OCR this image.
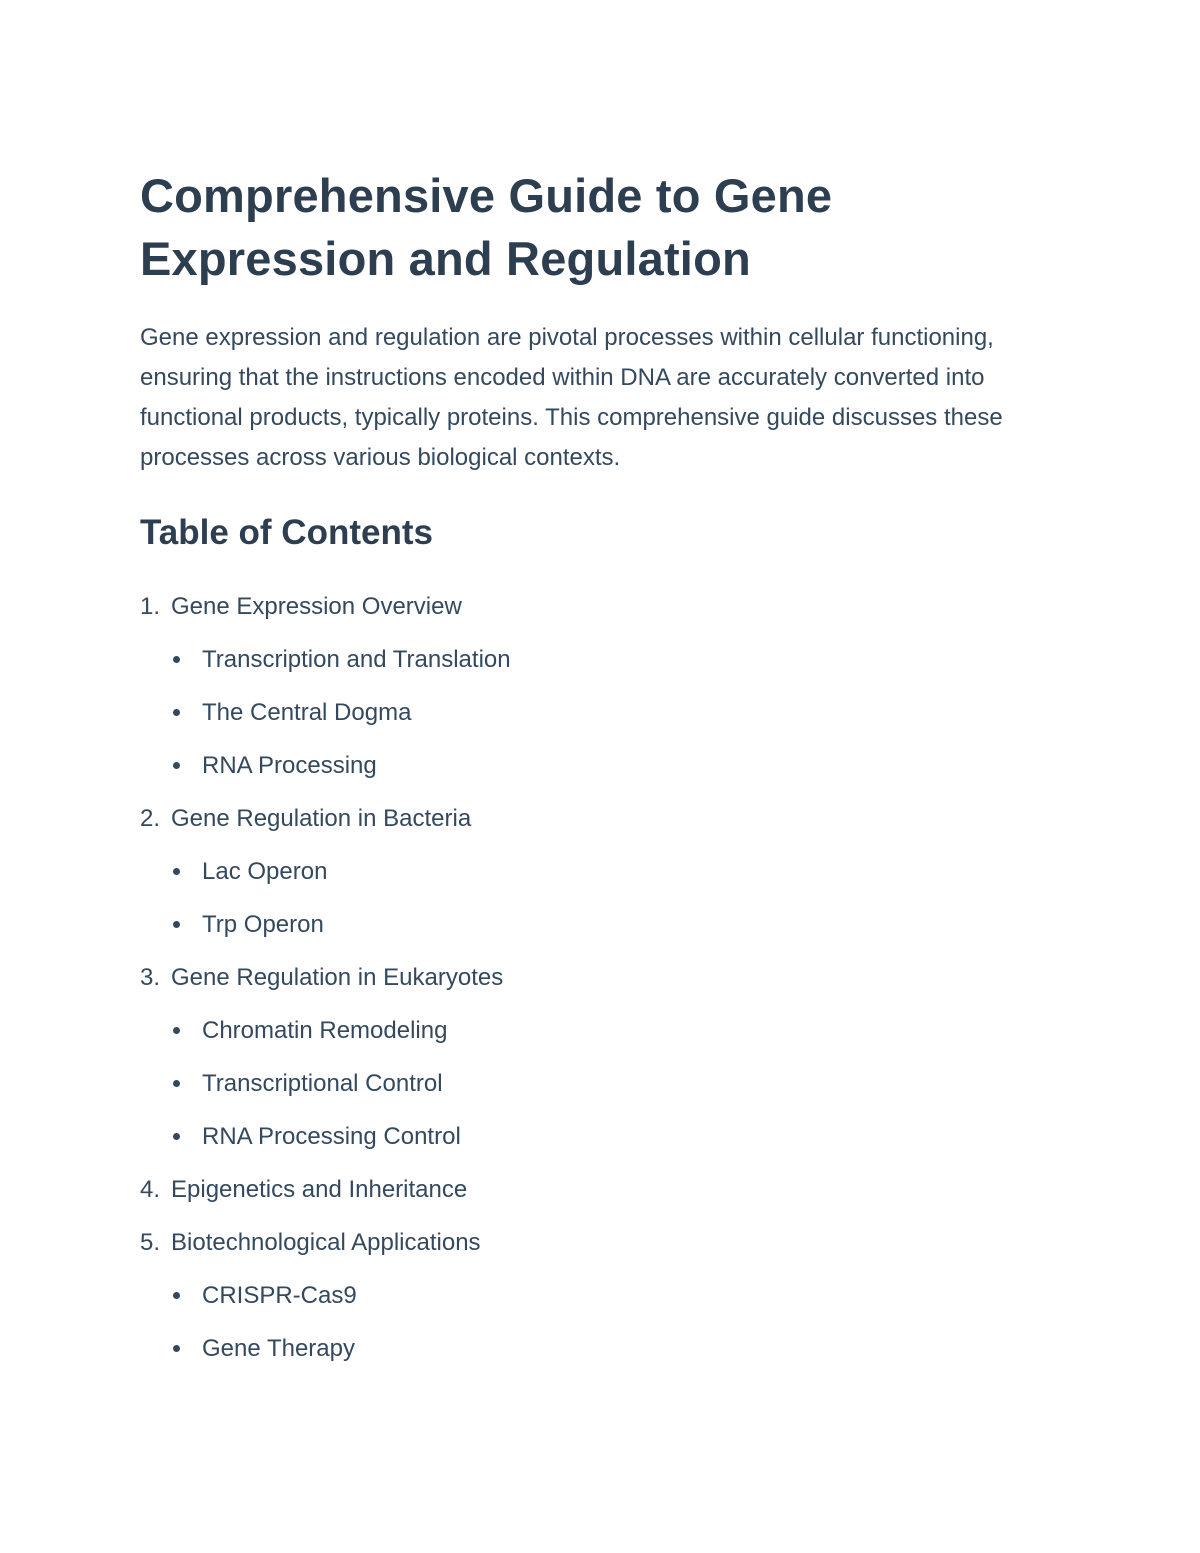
Comprehensive Guide to Gene Expression and Regulation

Gene expression and regulation are pivotal processes within cellular functioning, ensuring that the instructions encoded within DNA are accurately converted into functional products, typically proteins. This comprehensive guide discusses these processes across various biological contexts.

Table of Contents
1. Gene Expression Overview
Transcription and Translation
The Central Dogma
RNA Processing
2. Gene Regulation in Bacteria
Lac Operon
Trp Operon
3. Gene Regulation in Eukaryotes
Chromatin Remodeling
Transcriptional Control
RNA Processing Control
4. Epigenetics and Inheritance
5. Biotechnological Applications
CRISPR-Cas9
Gene Therapy
